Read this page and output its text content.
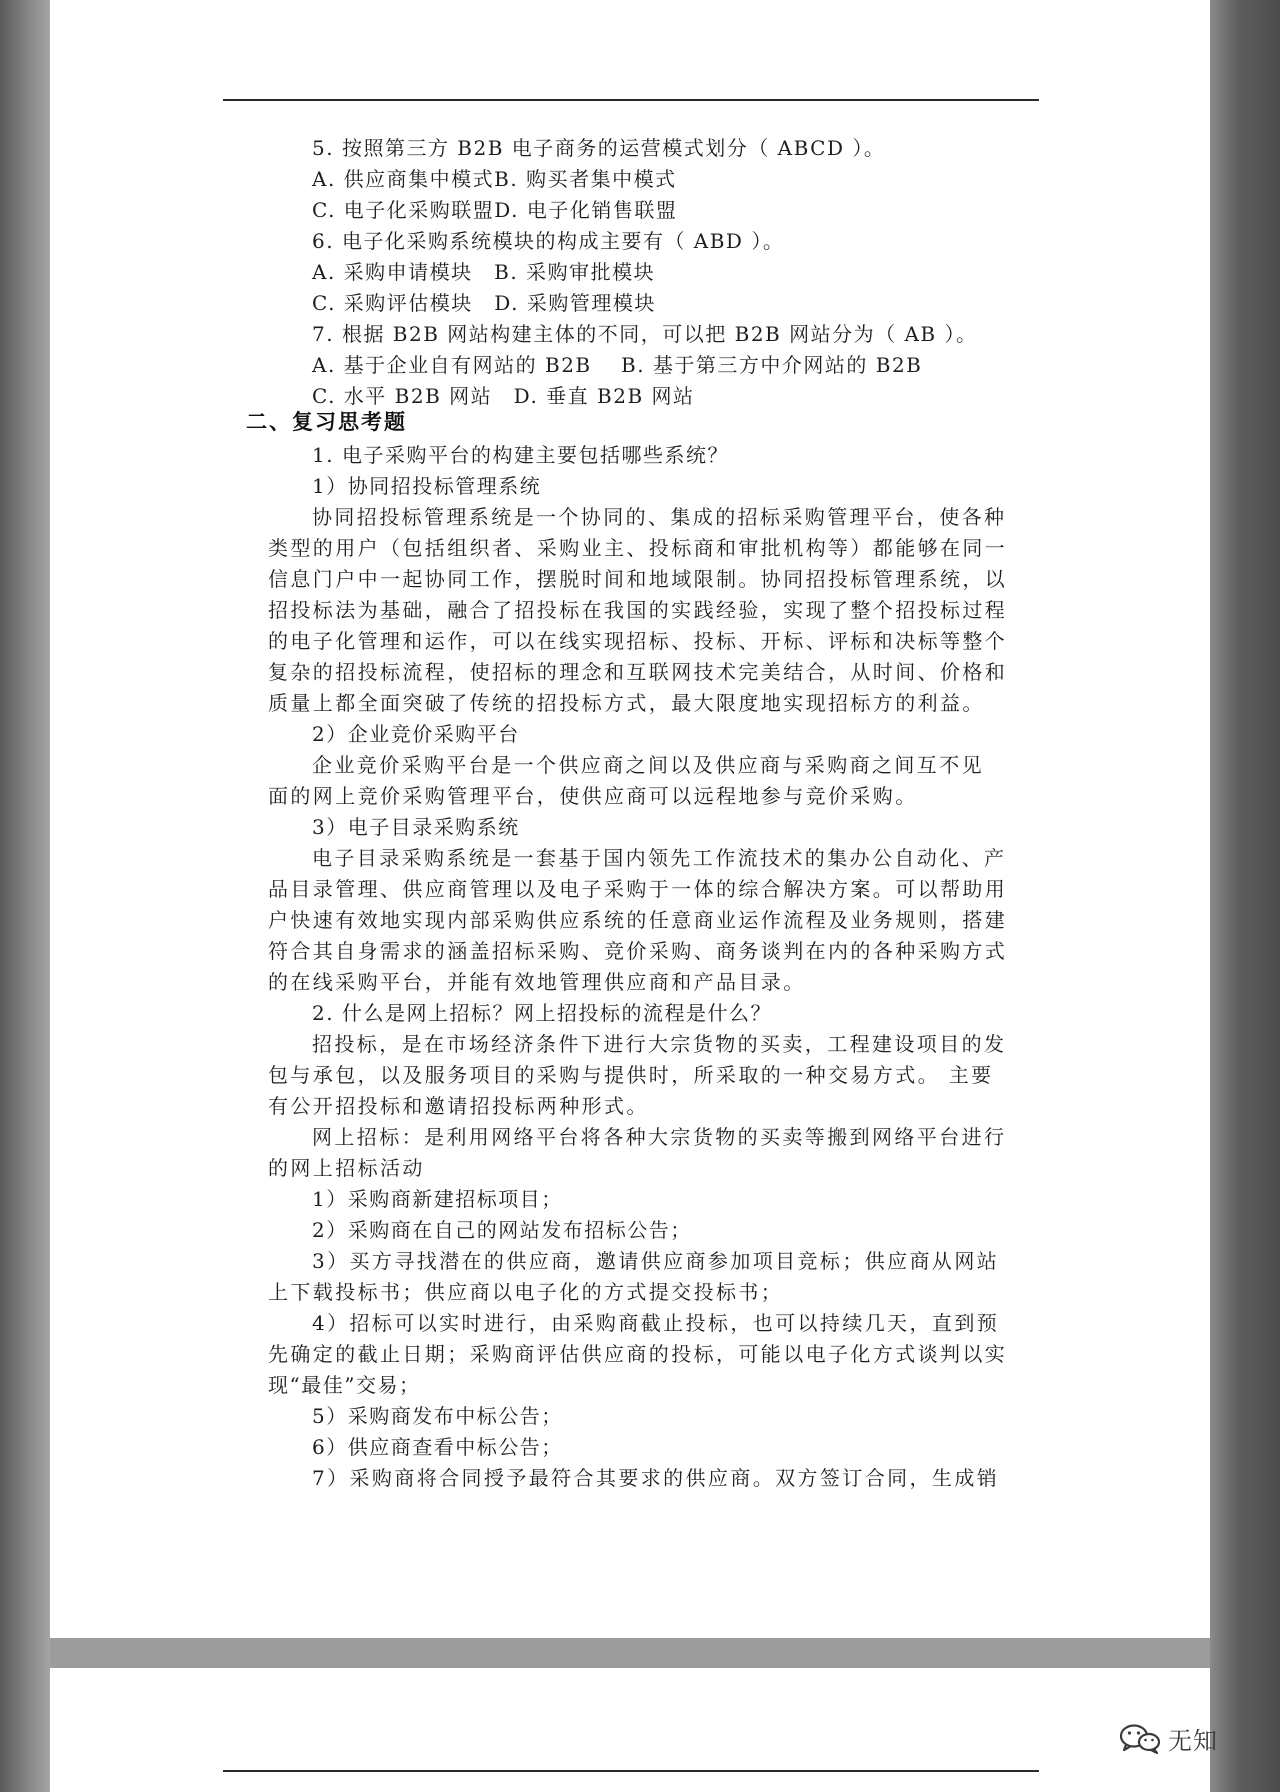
5. 按照第三方 B2B 电子商务的运营模式划分（ ABCD ）。
A. 供应商集中模式B. 购买者集中模式
C. 电子化采购联盟D. 电子化销售联盟
6. 电子化采购系统模块的构成主要有（ ABD ）。
A. 采购申请模块　B. 采购审批模块
C. 采购评估模块　D. 采购管理模块
7. 根据 B2B 网站构建主体的不同，可以把 B2B 网站分为（ AB ）。
A. 基于企业自有网站的 B2B　 B. 基于第三方中介网站的 B2B
C. 水平 B2B 网站　D. 垂直 B2B 网站
二、复习思考题
1. 电子采购平台的构建主要包括哪些系统？
1）协同招投标管理系统
协同招投标管理系统是一个协同的、集成的招标采购管理平台，使各种
类型的用户（包括组织者、采购业主、投标商和审批机构等）都能够在同一
信息门户中一起协同工作，摆脱时间和地域限制。协同招投标管理系统，以
招投标法为基础，融合了招投标在我国的实践经验，实现了整个招投标过程
的电子化管理和运作，可以在线实现招标、投标、开标、评标和决标等整个
复杂的招投标流程，使招标的理念和互联网技术完美结合，从时间、价格和
质量上都全面突破了传统的招投标方式，最大限度地实现招标方的利益。
2）企业竞价采购平台
企业竞价采购平台是一个供应商之间以及供应商与采购商之间互不见
面的网上竞价采购管理平台，使供应商可以远程地参与竞价采购。
3）电子目录采购系统
电子目录采购系统是一套基于国内领先工作流技术的集办公自动化、产
品目录管理、供应商管理以及电子采购于一体的综合解决方案。可以帮助用
户快速有效地实现内部采购供应系统的任意商业运作流程及业务规则，搭建
符合其自身需求的涵盖招标采购、竞价采购、商务谈判在内的各种采购方式
的在线采购平台，并能有效地管理供应商和产品目录。
2. 什么是网上招标？网上招投标的流程是什么？
招投标，是在市场经济条件下进行大宗货物的买卖，工程建设项目的发
包与承包，以及服务项目的采购与提供时，所采取的一种交易方式。 主要
有公开招投标和邀请招投标两种形式。
网上招标：是利用网络平台将各种大宗货物的买卖等搬到网络平台进行
的网上招标活动
1）采购商新建招标项目；
2）采购商在自己的网站发布招标公告；
3）买方寻找潜在的供应商，邀请供应商参加项目竞标；供应商从网站
上下载投标书；供应商以电子化的方式提交投标书；
4）招标可以实时进行，由采购商截止投标，也可以持续几天，直到预
先确定的截止日期；采购商评估供应商的投标，可能以电子化方式谈判以实
现“最佳”交易；
5）采购商发布中标公告；
6）供应商查看中标公告；
7）采购商将合同授予最符合其要求的供应商。双方签订合同，生成销
无知
